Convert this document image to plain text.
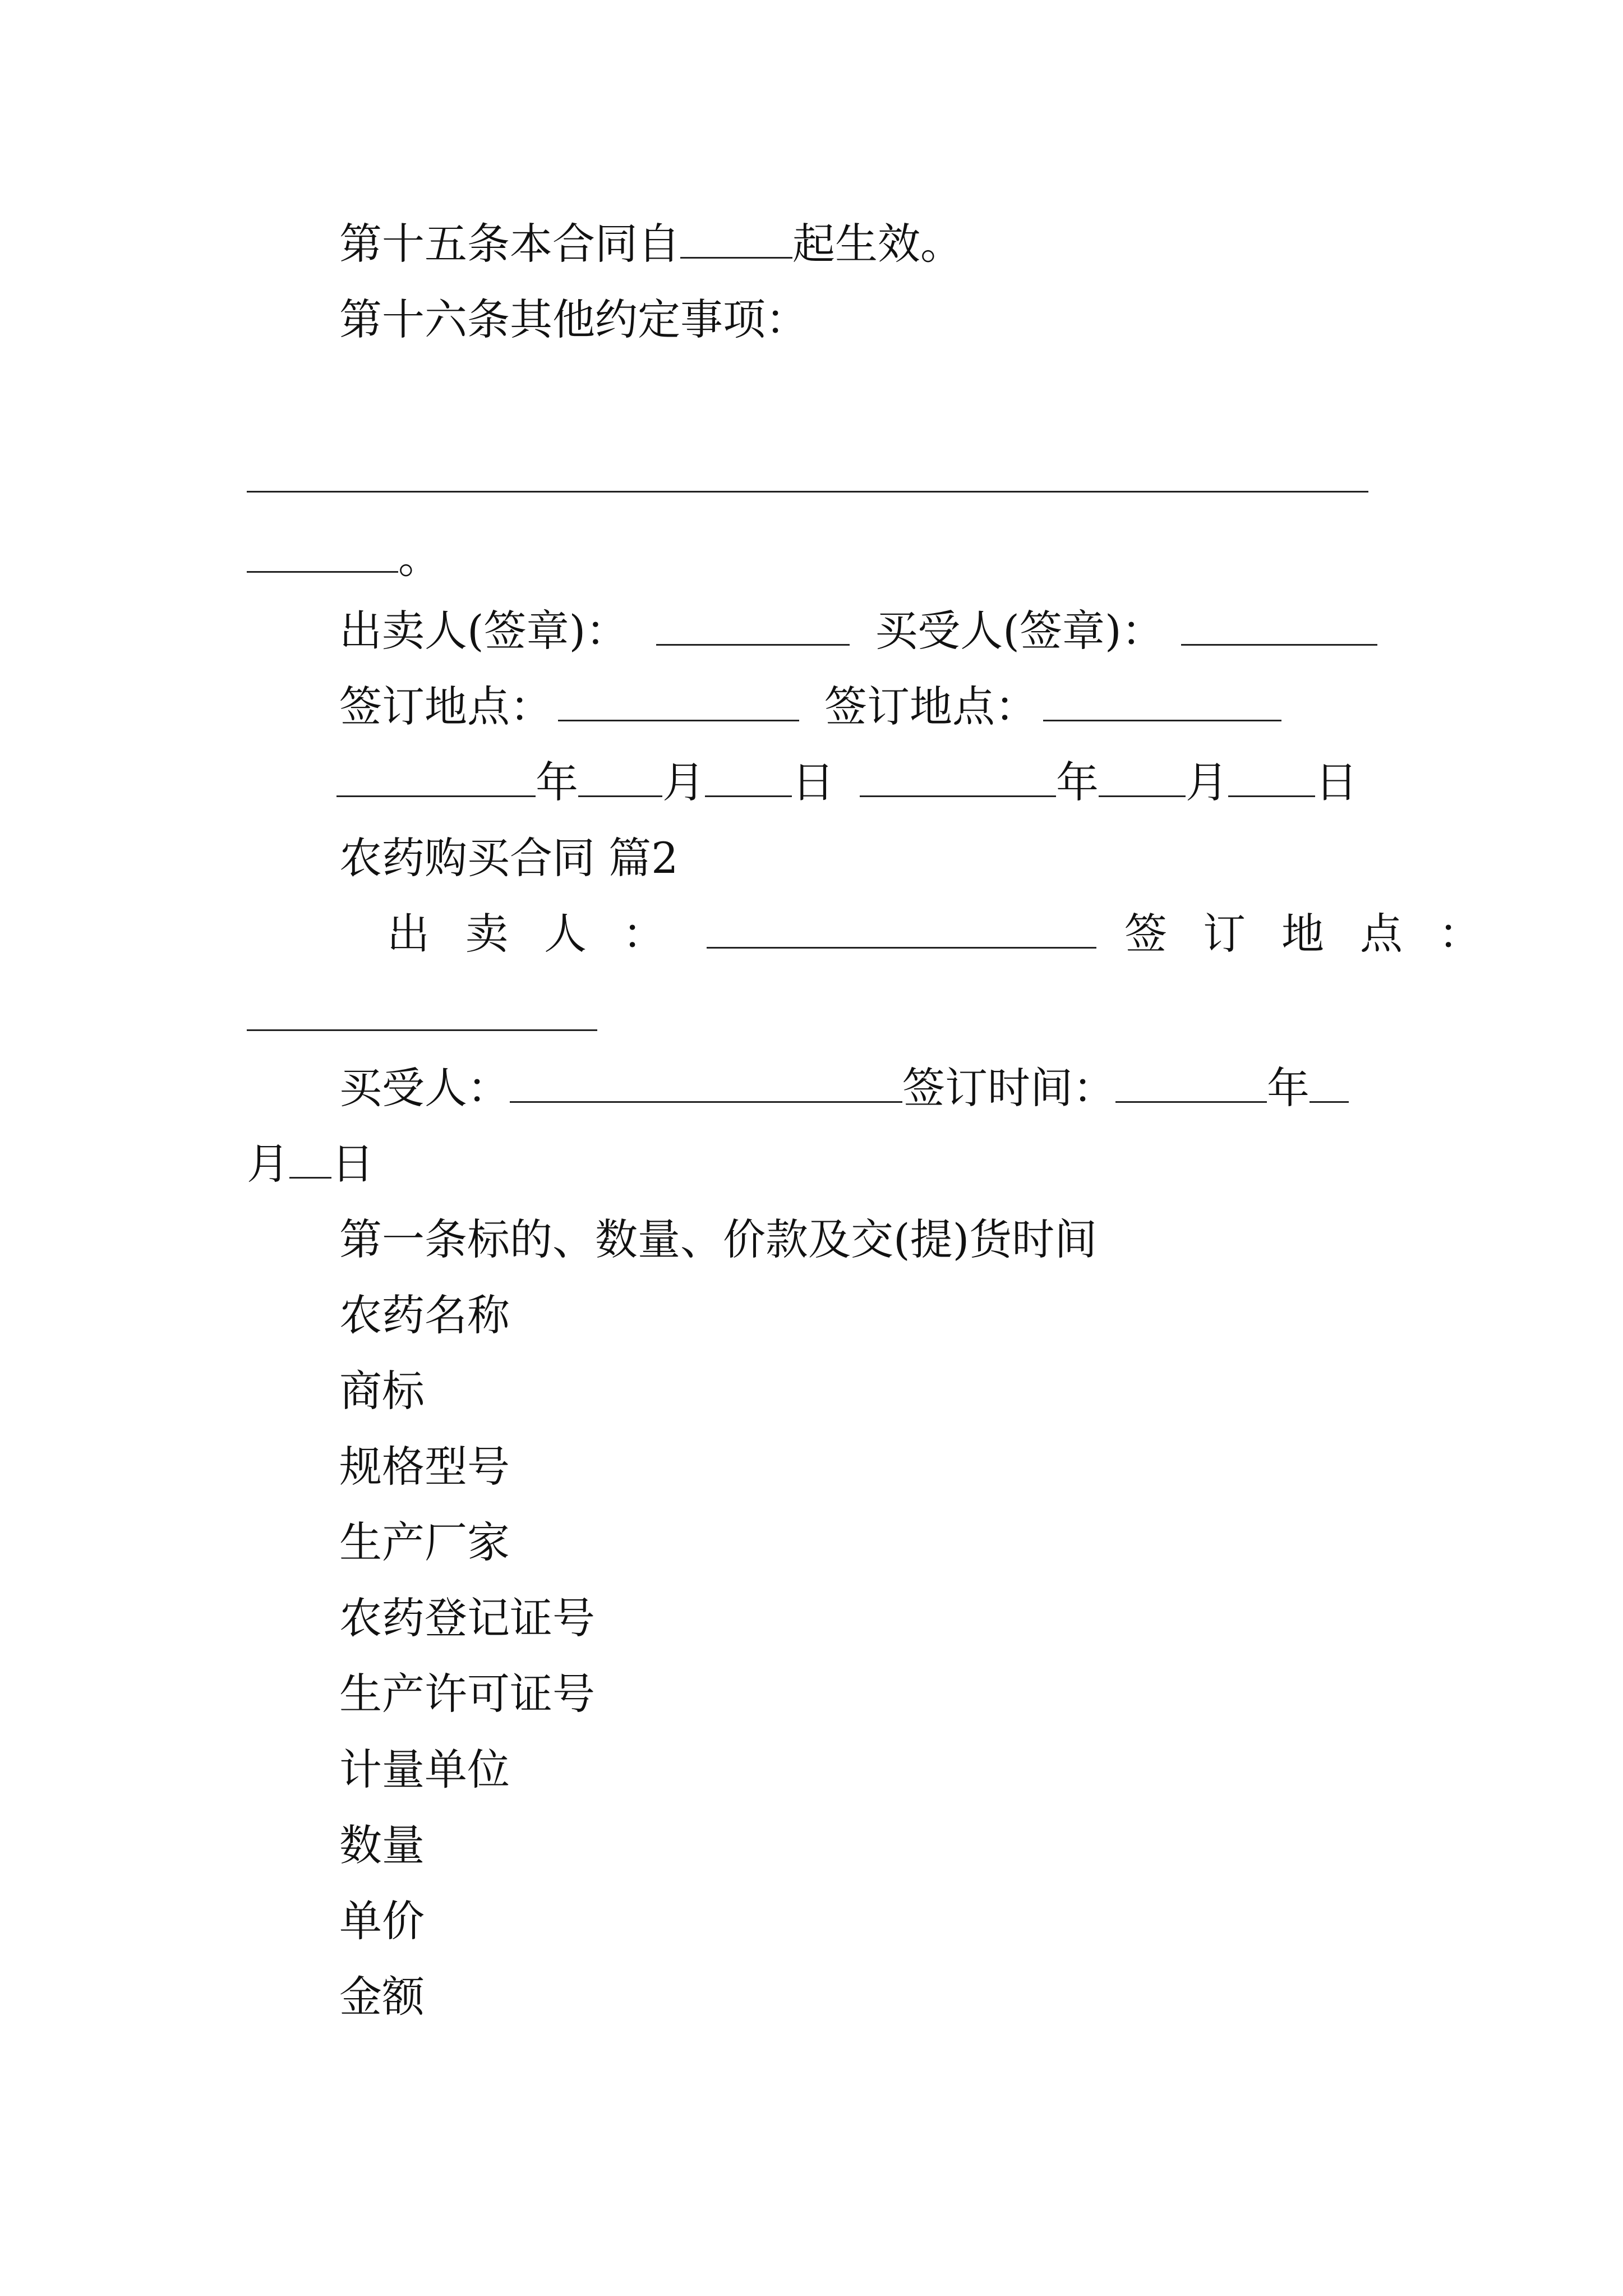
第十五条本合同自	起生效。
第十六条其他约定事项：
。
出卖人(签章)：	买受人(签章)：
签订地点：	签订地点：
年 月 日	年 月 日
农药购买合同 篇2
出卖人：	签订地点：
买受人：	签订时间：	年
月 日
第一条标的、数量、价款及交(提)货时间
农药名称
商标
规格型号
生产厂家
农药登记证号
生产许可证号
计量单位
数量
单价
金额
